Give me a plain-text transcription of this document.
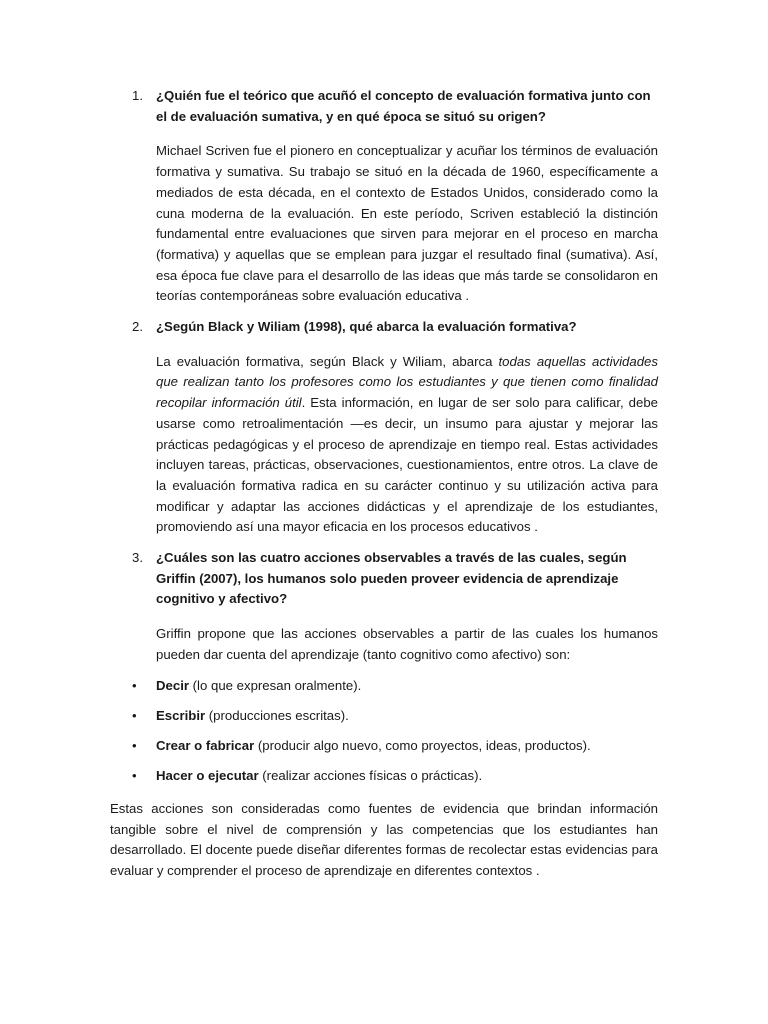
1. ¿Quién fue el teórico que acuñó el concepto de evaluación formativa junto con el de evaluación sumativa, y en qué época se situó su origen?

Michael Scriven fue el pionero en conceptualizar y acuñar los términos de evaluación formativa y sumativa. Su trabajo se situó en la década de 1960, específicamente a mediados de esta década, en el contexto de Estados Unidos, considerado como la cuna moderna de la evaluación. En este período, Scriven estableció la distinción fundamental entre evaluaciones que sirven para mejorar en el proceso en marcha (formativa) y aquellas que se emplean para juzgar el resultado final (sumativa). Así, esa época fue clave para el desarrollo de las ideas que más tarde se consolidaron en teorías contemporáneas sobre evaluación educativa .

2. ¿Según Black y Wiliam (1998), qué abarca la evaluación formativa?

La evaluación formativa, según Black y Wiliam, abarca todas aquellas actividades que realizan tanto los profesores como los estudiantes y que tienen como finalidad recopilar información útil. Esta información, en lugar de ser solo para calificar, debe usarse como retroalimentación —es decir, un insumo para ajustar y mejorar las prácticas pedagógicas y el proceso de aprendizaje en tiempo real. Estas actividades incluyen tareas, prácticas, observaciones, cuestionamientos, entre otros. La clave de la evaluación formativa radica en su carácter continuo y su utilización activa para modificar y adaptar las acciones didácticas y el aprendizaje de los estudiantes, promoviendo así una mayor eficacia en los procesos educativos .

3. ¿Cuáles son las cuatro acciones observables a través de las cuales, según Griffin (2007), los humanos solo pueden proveer evidencia de aprendizaje cognitivo y afectivo?

Griffin propone que las acciones observables a partir de las cuales los humanos pueden dar cuenta del aprendizaje (tanto cognitivo como afectivo) son:

• Decir (lo que expresan oralmente).
• Escribir (producciones escritas).
• Crear o fabricar (producir algo nuevo, como proyectos, ideas, productos).
• Hacer o ejecutar (realizar acciones físicas o prácticas).

Estas acciones son consideradas como fuentes de evidencia que brindan información tangible sobre el nivel de comprensión y las competencias que los estudiantes han desarrollado. El docente puede diseñar diferentes formas de recolectar estas evidencias para evaluar y comprender el proceso de aprendizaje en diferentes contextos .
